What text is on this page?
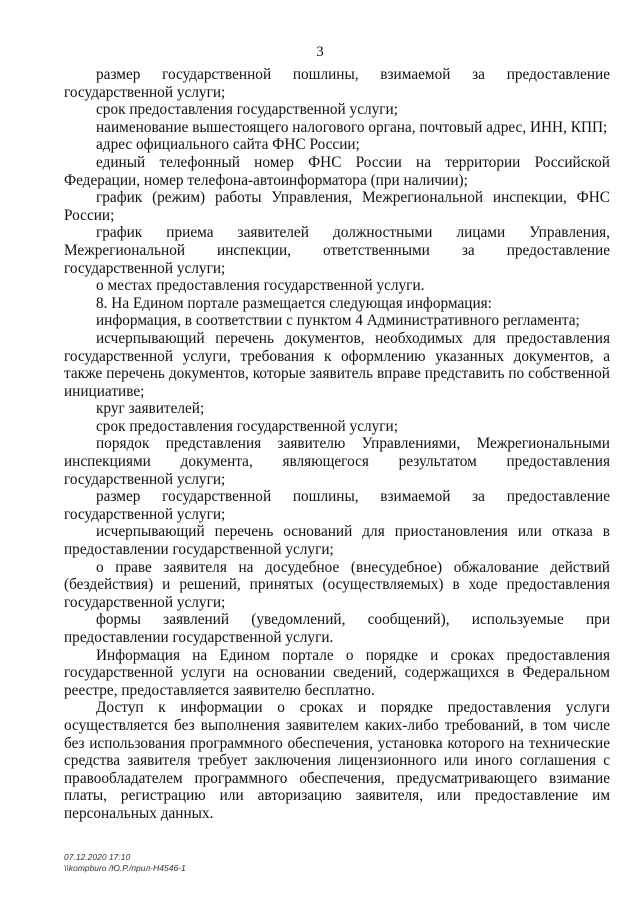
3

размер государственной пошлины, взимаемой за предоставление государственной услуги;

срок предоставления государственной услуги;

наименование вышестоящего налогового органа, почтовый адрес, ИНН, КПП;

адрес официального сайта ФНС России;

единый телефонный номер ФНС России на территории Российской Федерации, номер телефона-автоинформатора (при наличии);

график (режим) работы Управления, Межрегиональной инспекции, ФНС России;

график приема заявителей должностными лицами Управления, Межрегиональной инспекции, ответственными за предоставление государственной услуги;

о местах предоставления государственной услуги.

8. На Едином портале размещается следующая информация:

информация, в соответствии с пунктом 4 Административного регламента;

исчерпывающий перечень документов, необходимых для предоставления государственной услуги, требования к оформлению указанных документов, а также перечень документов, которые заявитель вправе представить по собственной инициативе;

круг заявителей;

срок предоставления государственной услуги;

порядок представления заявителю Управлениями, Межрегиональными инспекциями документа, являющегося результатом предоставления государственной услуги;

размер государственной пошлины, взимаемой за предоставление государственной услуги;

исчерпывающий перечень оснований для приостановления или отказа в предоставлении государственной услуги;

о праве заявителя на досудебное (внесудебное) обжалование действий (бездействия) и решений, принятых (осуществляемых) в ходе предоставления государственной услуги;

формы заявлений (уведомлений, сообщений), используемые при предоставлении государственной услуги.

Информация на Едином портале о порядке и сроках предоставления государственной услуги на основании сведений, содержащихся в Федеральном реестре, предоставляется заявителю бесплатно.

Доступ к информации о сроках и порядке предоставления услуги осуществляется без выполнения заявителем каких-либо требований, в том числе без использования программного обеспечения, установка которого на технические средства заявителя требует заключения лицензионного или иного соглашения с правообладателем программного обеспечения, предусматривающего взимание платы, регистрацию или авторизацию заявителя, или предоставление им персональных данных.

07.12.2020 17:10
\\kompburo /Ю.Р./прил-Н4546-1
